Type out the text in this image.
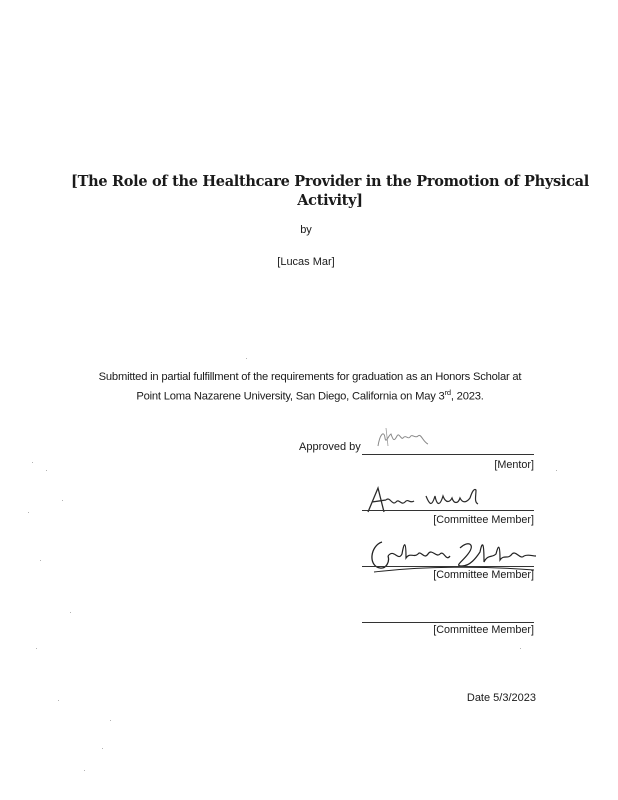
[The Role of the Healthcare Provider in the Promotion of Physical Activity]
by
[Lucas Mar]
Submitted in partial fulfillment of the requirements for graduation as an Honors Scholar at
Point Loma Nazarene University, San Diego, California on May 3rd, 2023.
Approved by
[Mentor]
[Committee Member]
[Committee Member]
[Committee Member]
Date 5/3/2023
